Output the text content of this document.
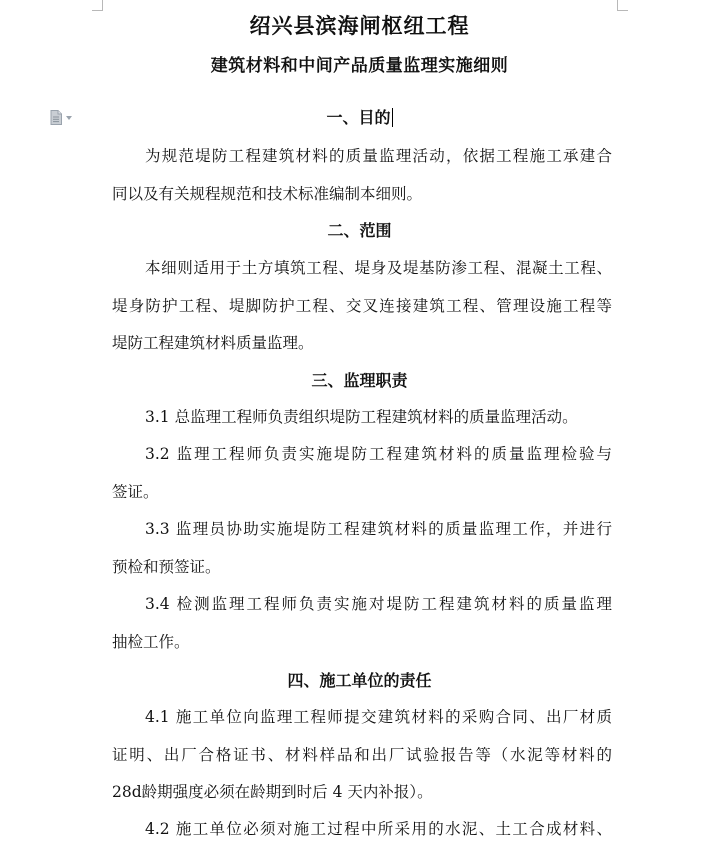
绍兴县滨海闸枢纽工程
建筑材料和中间产品质量监理实施细则
一、目的
为规范堤防工程建筑材料的质量监理活动，依据工程施工承建合
同以及有关规程规范和技术标准编制本细则。
二、范围
本细则适用于土方填筑工程、堤身及堤基防渗工程、混凝土工程、
堤身防护工程、堤脚防护工程、交叉连接建筑工程、管理设施工程等
堤防工程建筑材料质量监理。
三、监理职责
3.1 总监理工程师负责组织堤防工程建筑材料的质量监理活动。
3.2 监理工程师负责实施堤防工程建筑材料的质量监理检验与
签证。
3.3 监理员协助实施堤防工程建筑材料的质量监理工作，并进行
预检和预签证。
3.4 检测监理工程师负责实施对堤防工程建筑材料的质量监理
抽检工作。
四、施工单位的责任
4.1 施工单位向监理工程师提交建筑材料的采购合同、出厂材质
证明、出厂合格证书、材料样品和出厂试验报告等（水泥等材料的
28d龄期强度必须在龄期到时后 4 天内补报）。
4.2 施工单位必须对施工过程中所采用的水泥、土工合成材料、
